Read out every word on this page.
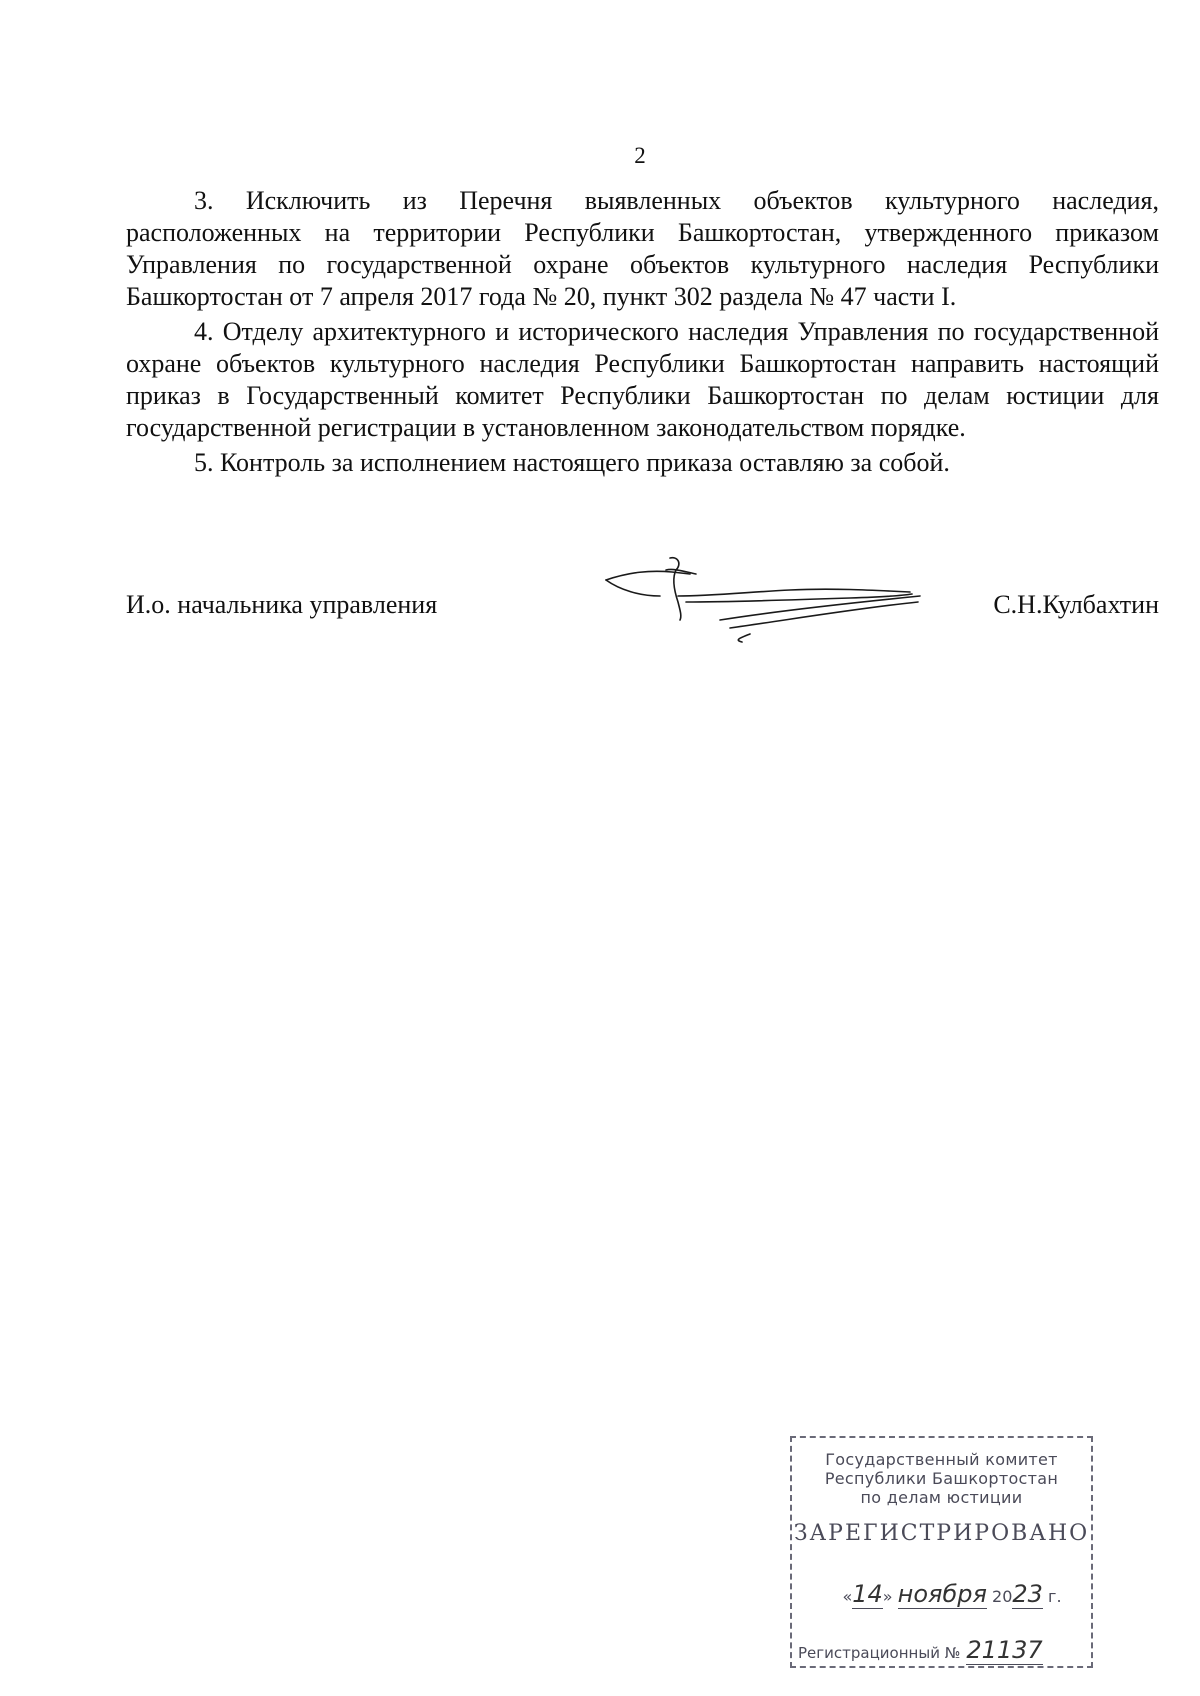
2

3. Исключить из Перечня выявленных объектов культурного наследия, расположенных на территории Республики Башкортостан, утвержденного приказом Управления по государственной охране объектов культурного наследия Республики Башкортостан от 7 апреля 2017 года № 20, пункт 302 раздела № 47 части I.

4. Отделу архитектурного и исторического наследия Управления по государственной охране объектов культурного наследия Республики Башкортостан направить настоящий приказ в Государственный комитет Республики Башкортостан по делам юстиции для государственной регистрации в установленном законодательством порядке.

5. Контроль за исполнением настоящего приказа оставляю за собой.

И.о. начальника управления	С.Н.Кулбахтин
Государственный комитет
Республики Башкортостан
по делам юстиции
ЗАРЕГИСТРИРОВАНО
«14» ноября 2023 г.
Регистрационный № 21137
